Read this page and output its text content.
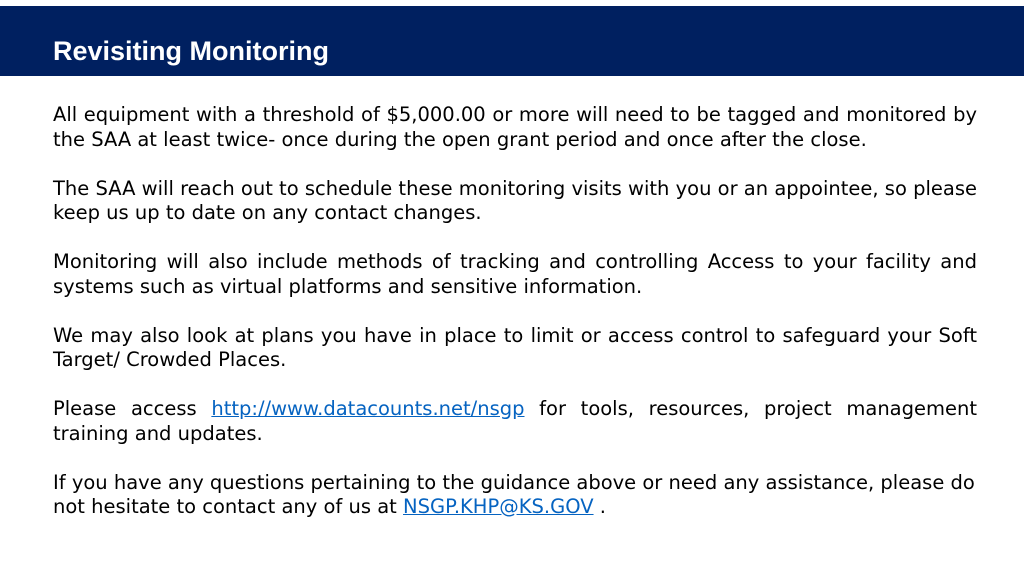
Revisiting Monitoring

All equipment with a threshold of $5,000.00 or more will need to be tagged and monitored by the SAA at least twice- once during the open grant period and once after the close.

The SAA will reach out to schedule these monitoring visits with you or an appointee, so please keep us up to date on any contact changes.

Monitoring will also include methods of tracking and controlling Access to your facility and systems such as virtual platforms and sensitive information.

We may also look at plans you have in place to limit or access control to safeguard your Soft Target/ Crowded Places.

Please access http://www.datacounts.net/nsgp for tools, resources, project management training and updates.

If you have any questions pertaining to the guidance above or need any assistance, please do not hesitate to contact any of us at NSGP.KHP@KS.GOV .
